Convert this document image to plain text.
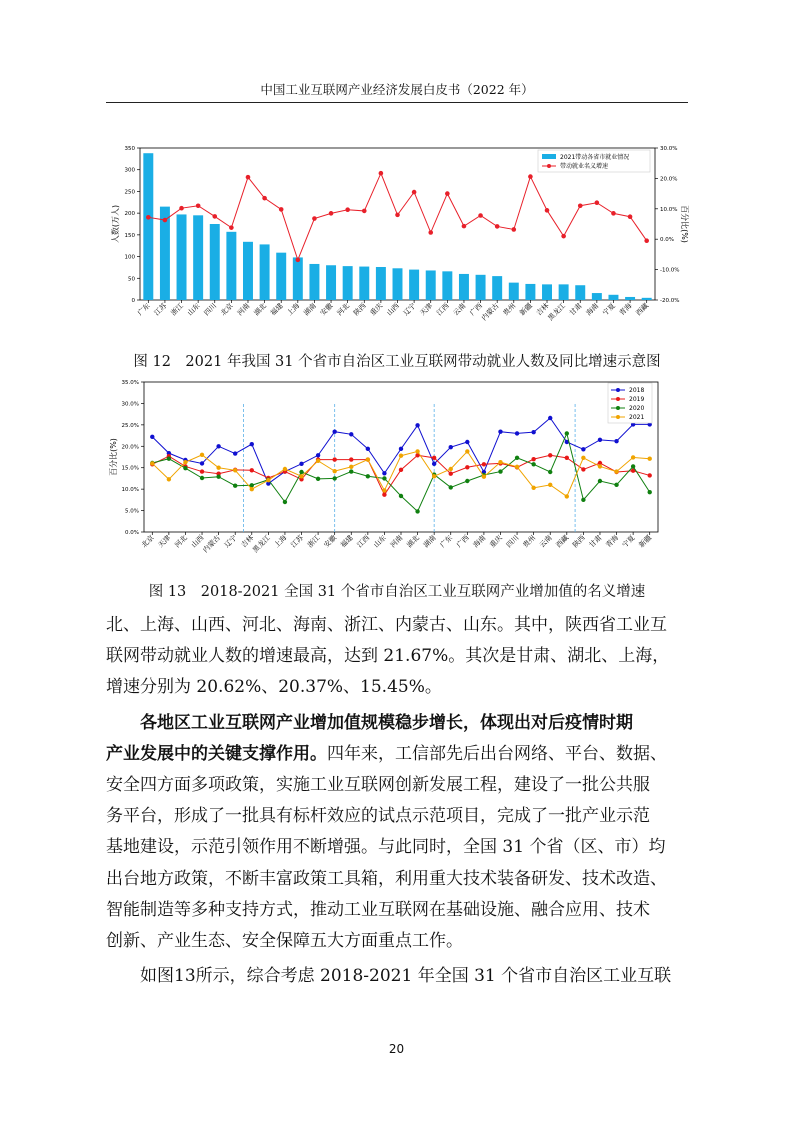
中国工业互联网产业经济发展白皮书（2022 年）
0
50
100
150
200
250
300
350
-20.0%
-10.0%
0.0%
10.0%
20.0%
30.0%
人数(万人)	百分比(%)
广东 江苏 浙江 山东 四川 北京 河南 湖北 福建 上海 湖南 安徽 河北 陕西 重庆 山西 辽宁 天津 江西 云南 广西
内蒙古 贵州 新疆 吉林
黑龙江 甘肃 海南 宁夏 青海 西藏
2021带动各省市就业情况
带动就业名义增速
图 12　2021 年我国 31 个省市自治区工业互联网带动就业人数及同比增速示意图
0.0%
5.0%
10.0%
15.0%
20.0%
25.0%
30.0%
35.0%
百分比(%)
北京 天津 河北 山西
内蒙古 辽宁 吉林
黑龙江 上海 江苏 浙江 安徽 福建 江西 山东 河南 湖北 湖南 广东 广西 海南 重庆 四川 贵州 云南 西藏 陕西 甘肃 青海 宁夏 新疆
2018
2019
2020
2021
图 13　2018-2021 全国 31 个省市自治区工业互联网产业增加值的名义增速

北、上海、山西、河北、海南、浙江、内蒙古、山东。其中，陕西省工业互

联网带动就业人数的增速最高，达到 21.67%。其次是甘肃、湖北、上海，

增速分别为 20.62%、20.37%、15.45%。

各地区工业互联网产业增加值规模稳步增长，体现出对后疫情时期

产业发展中的关键支撑作用。四年来，工信部先后出台网络、平台、数据、

安全四方面多项政策，实施工业互联网创新发展工程，建设了一批公共服

务平台，形成了一批具有标杆效应的试点示范项目，完成了一批产业示范

基地建设，示范引领作用不断增强。与此同时，全国 31 个省（区、市）均

出台地方政策，不断丰富政策工具箱，利用重大技术装备研发、技术改造、

智能制造等多种支持方式，推动工业互联网在基础设施、融合应用、技术

创新、产业生态、安全保障五大方面重点工作。

如图13所示，综合考虑 2018-2021 年全国 31 个省市自治区工业互联

20
